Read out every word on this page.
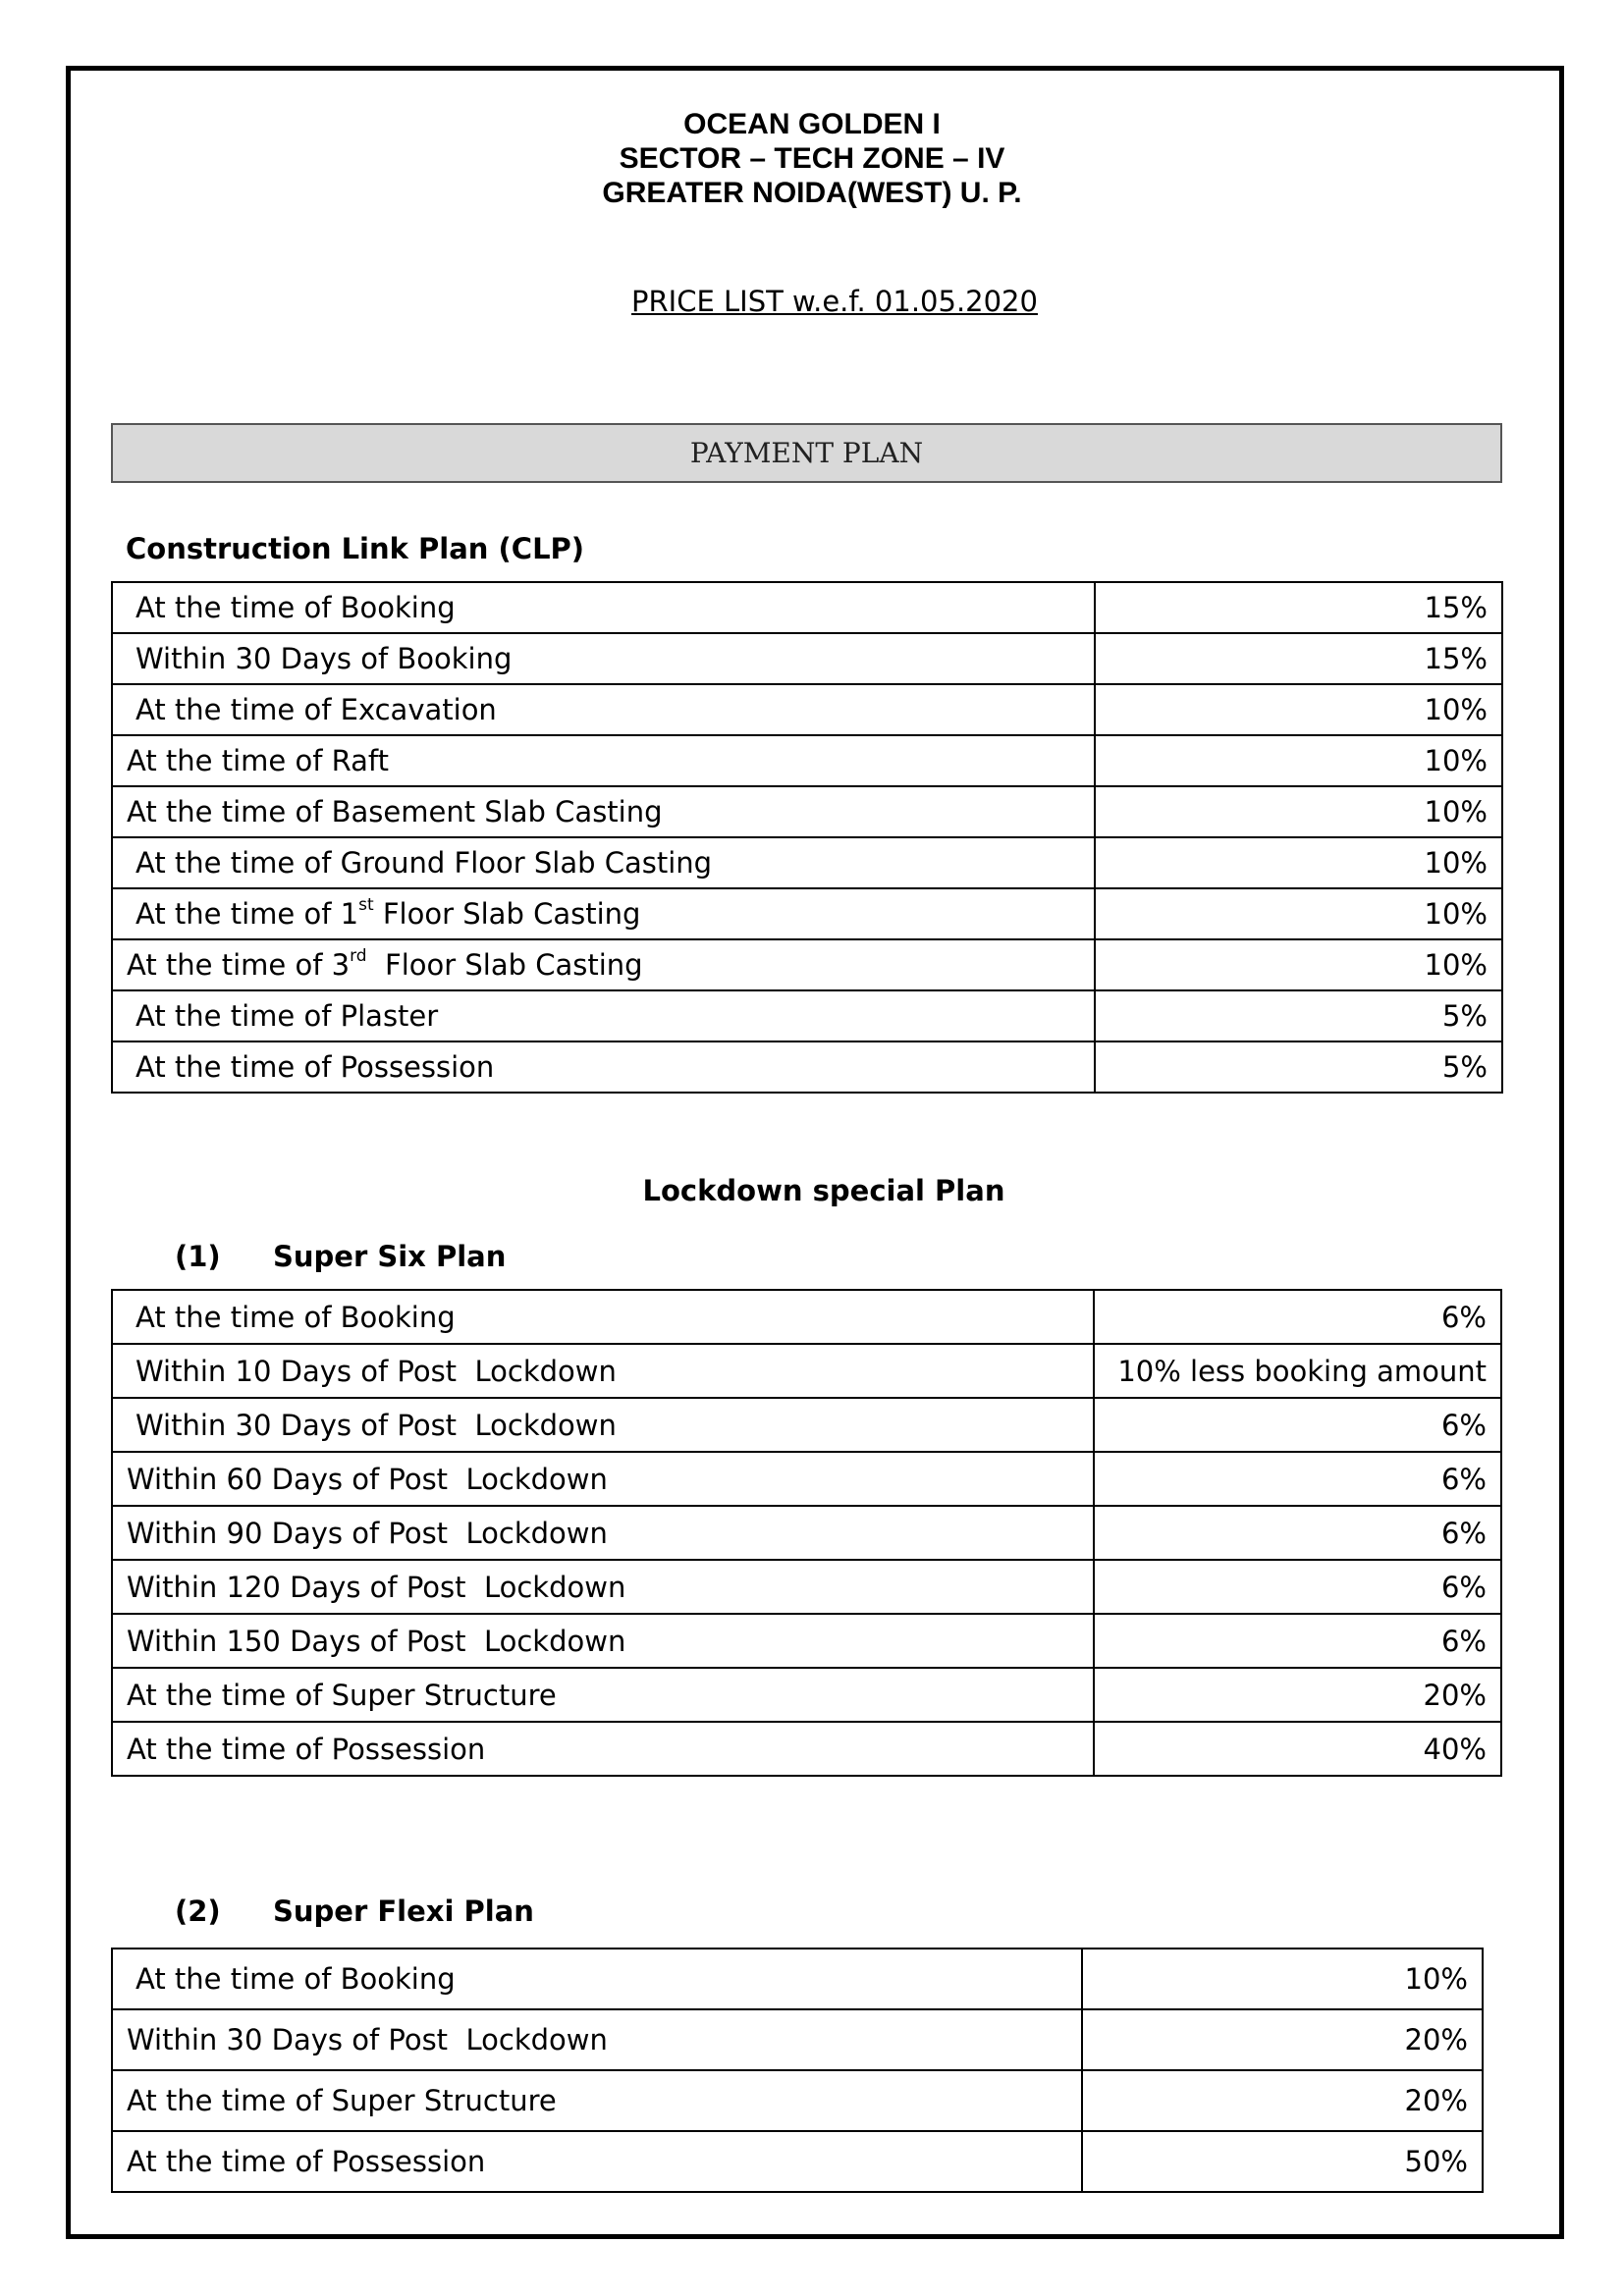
OCEAN GOLDEN I
SECTOR – TECH ZONE – IV
GREATER NOIDA(WEST) U. P.
PRICE LIST w.e.f. 01.05.2020
PAYMENT PLAN
Construction Link Plan (CLP)
At the time of Booking	15%
Within 30 Days of Booking	15%
At the time of Excavation	10%
At the time of Raft	10%
At the time of Basement Slab Casting	10%
At the time of Ground Floor Slab Casting	10%
At the time of 1st Floor Slab Casting	10%
At the time of 3rd  Floor Slab Casting	10%
At the time of Plaster	5%
At the time of Possession	5%
Lockdown special Plan
(1) Super Six Plan
At the time of Booking	6%
Within 10 Days of Post  Lockdown	10% less booking amount
Within 30 Days of Post  Lockdown	6%
Within 60 Days of Post  Lockdown	6%
Within 90 Days of Post  Lockdown	6%
Within 120 Days of Post  Lockdown	6%
Within 150 Days of Post  Lockdown	6%
At the time of Super Structure	20%
At the time of Possession	40%
(2) Super Flexi Plan
At the time of Booking	10%
Within 30 Days of Post  Lockdown	20%
At the time of Super Structure	20%
At the time of Possession	50%
